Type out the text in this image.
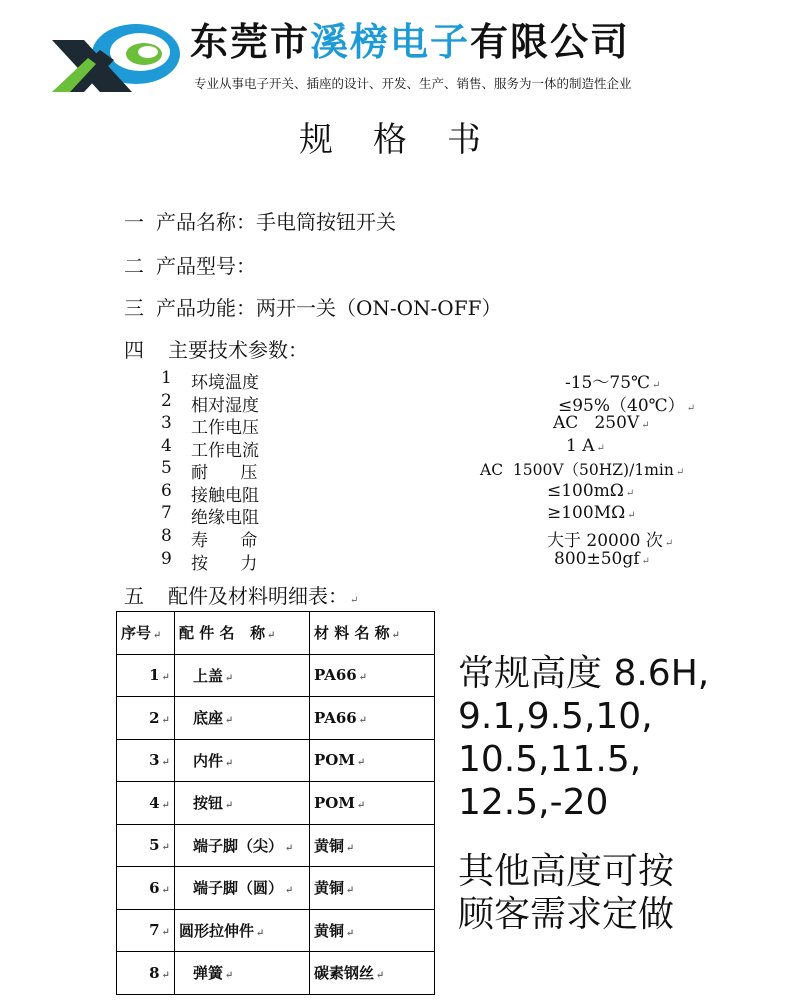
东莞市溪榜电子有限公司
专业从事电子开关、插座的设计、开发、生产、销售、服务为一体的制造性企业
规格书
一 产品名称：手电筒按钮开关
二 产品型号：
三 产品功能：两开一关（ON-ON-OFF）
四 主要技术参数：
1 环境温度	-15～75℃ ↵
2 相对湿度	≤95%（40℃） ↵
3 工作电压	AC   250V ↵
4 工作电流	1 A ↵
5 耐      压	AC  1500V（50HZ)/1min ↵
6 接触电阻	≤100mΩ ↵
7 绝缘电阻	≥100MΩ ↵
8 寿      命	大于 20000 次 ↵
9 按      力	800±50gf ↵
五 配件及材料明细表： ↵
序号 ↵	配 件 名   称 ↵	材 料 名 称 ↵
1 ↵	上盖 ↵	PA66 ↵
2 ↵	底座 ↵	PA66 ↵
3 ↵	内件 ↵	POM ↵
4 ↵	按钮 ↵	POM ↵
5 ↵	端子脚（尖） ↵	黄铜 ↵
6 ↵	端子脚（圆） ↵	黄铜 ↵
7 ↵	圆形拉伸件 ↵	黄铜 ↵
8 ↵	弹簧 ↵	碳素钢丝 ↵
常规高度 8.6H,
9.1,9.5,10,
10.5,11.5,
12.5,-20
其他高度可按
顾客需求定做
